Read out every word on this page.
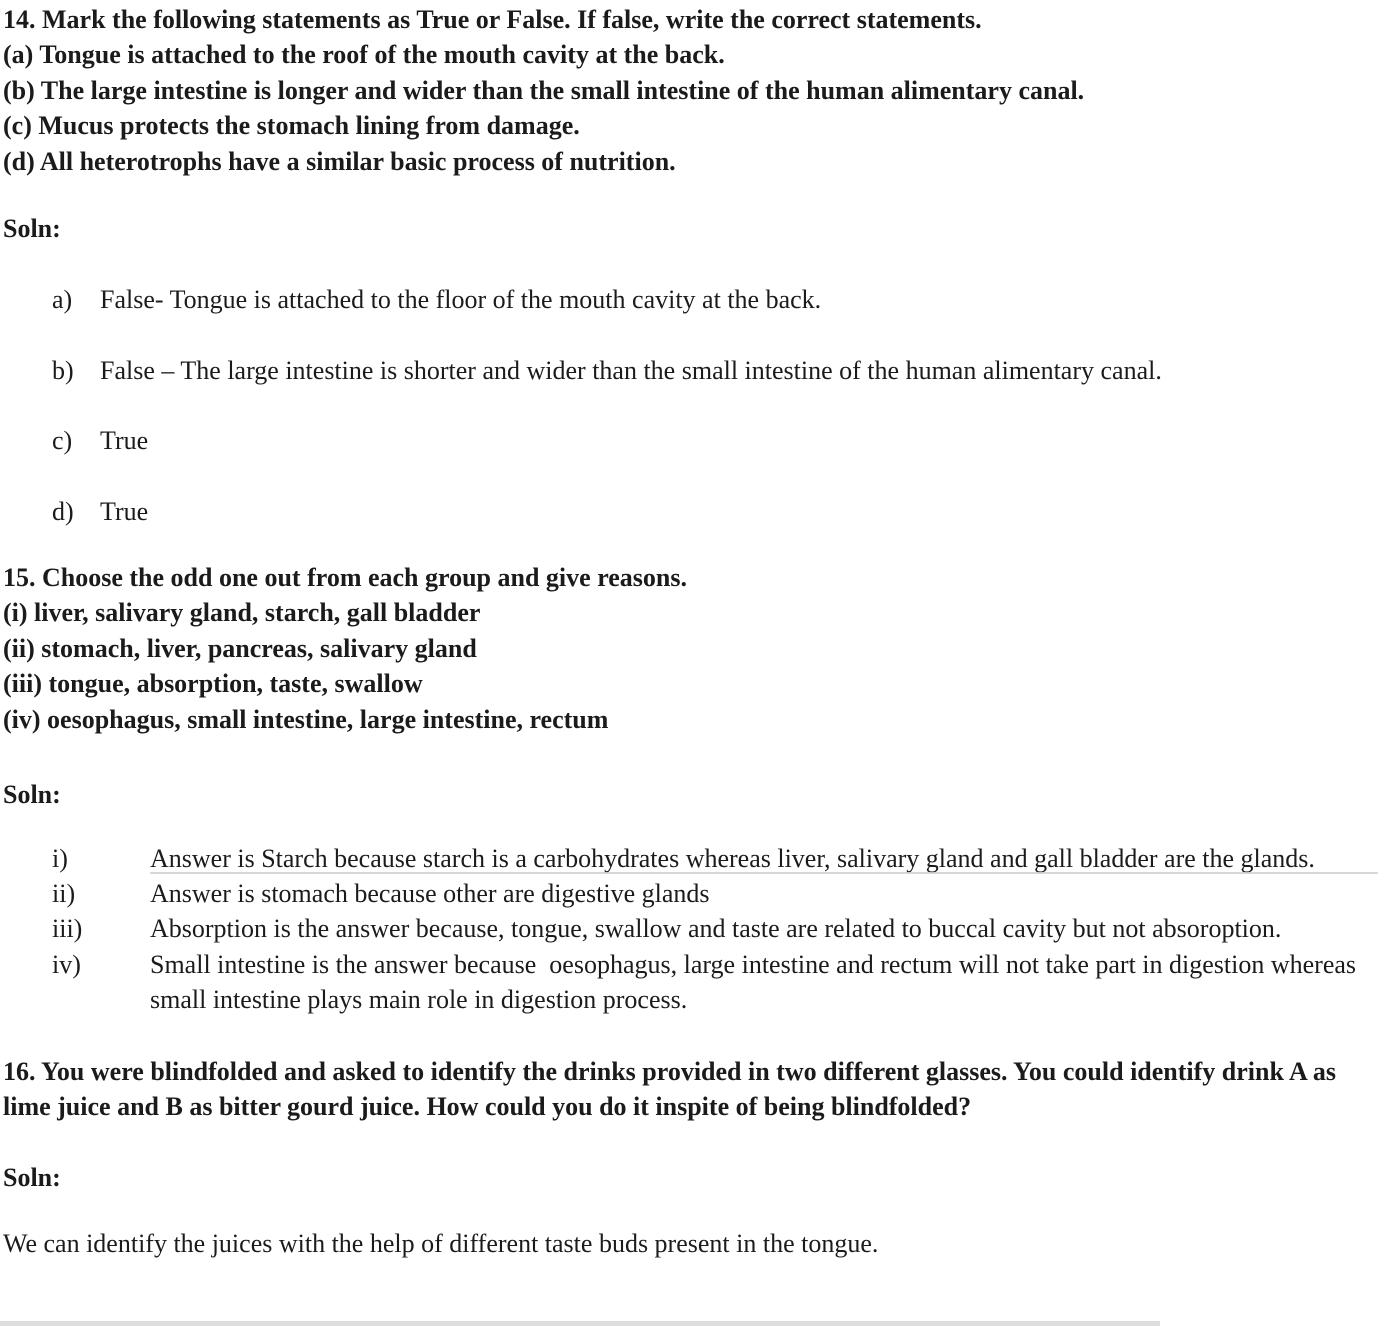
14. Mark the following statements as True or False. If false, write the correct statements.
(a) Tongue is attached to the roof of the mouth cavity at the back.
(b) The large intestine is longer and wider than the small intestine of the human alimentary canal.
(c) Mucus protects the stomach lining from damage.
(d) All heterotrophs have a similar basic process of nutrition.
Soln:
a) False- Tongue is attached to the floor of the mouth cavity at the back.
b) False – The large intestine is shorter and wider than the small intestine of the human alimentary canal.
c) True
d) True
15. Choose the odd one out from each group and give reasons.
(i) liver, salivary gland, starch, gall bladder
(ii) stomach, liver, pancreas, salivary gland
(iii) tongue, absorption, taste, swallow
(iv) oesophagus, small intestine, large intestine, rectum
Soln:
i)	Answer is Starch because starch is a carbohydrates whereas liver, salivary gland and gall bladder are the glands.
ii)	Answer is stomach because other are digestive glands
iii)	Absorption is the answer because, tongue, swallow and taste are related to buccal cavity but not absoroption.
iv)	Small intestine is the answer because  oesophagus, large intestine and rectum will not take part in digestion whereas small intestine plays main role in digestion process.
16. You were blindfolded and asked to identify the drinks provided in two different glasses. You could identify drink A as lime juice and B as bitter gourd juice. How could you do it inspite of being blindfolded?
Soln:
We can identify the juices with the help of different taste buds present in the tongue.
